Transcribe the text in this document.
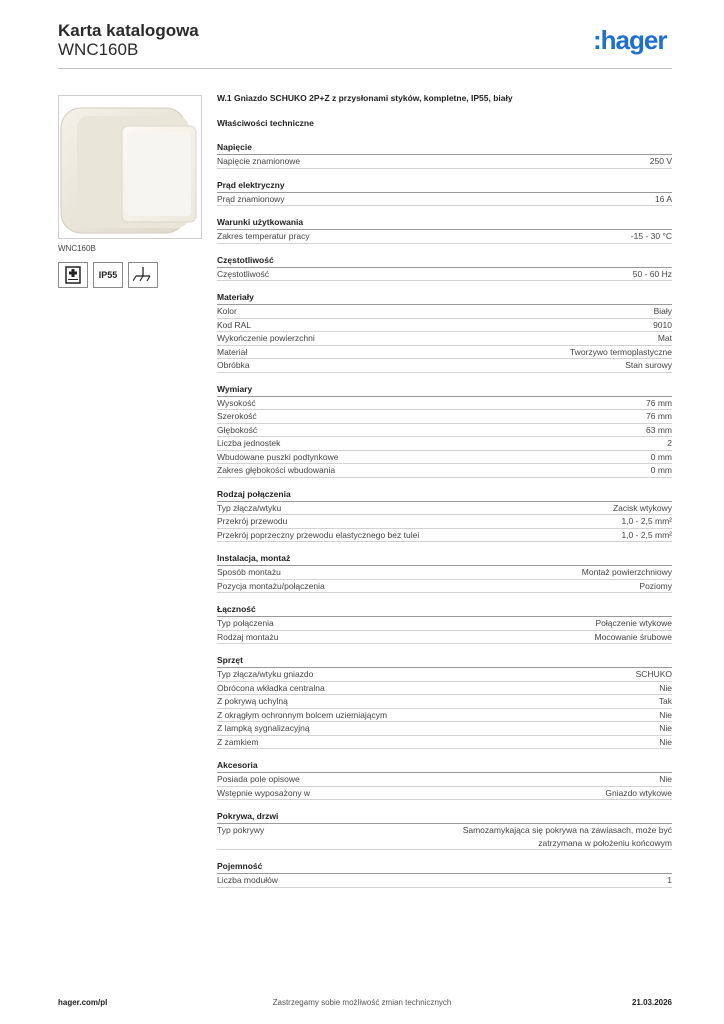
Karta katalogowa
WNC160B	:hager
WNC160B
IP55
W.1 Gniazdo SCHUKO 2P+Z z przysłonami styków, kompletne, IP55, biały
Właściwości techniczne
Napięcie
Napięcie znamionowe	250 V
Prąd elektryczny
Prąd znamionowy	16 A
Warunki użytkowania
Zakres temperatur pracy	-15 - 30 °C
Częstotliwość
Częstotliwość	50 - 60 Hz
Materiały
Kolor	Biały
Kod RAL	9010
Wykończenie powierzchni	Mat
Materiał	Tworzywo termoplastyczne
Obróbka	Stan surowy
Wymiary
Wysokość	76 mm
Szerokość	76 mm
Głębokość	63 mm
Liczba jednostek	2
Wbudowane puszki podtynkowe	0 mm
Zakres głębokości wbudowania	0 mm
Rodzaj połączenia
Typ złącza/wtyku	Zacisk wtykowy
Przekrój przewodu	1,0 - 2,5 mm²
Przekrój poprzeczny przewodu elastycznego bez tulei	1,0 - 2,5 mm²
Instalacja, montaż
Sposób montażu	Montaż powierzchniowy
Pozycja montażu/połączenia	Poziomy
Łączność
Typ połączenia	Połączenie wtykowe
Rodzaj montażu	Mocowanie śrubowe
Sprzęt
Typ złącza/wtyku gniazdo	SCHUKO
Obrócona wkładka centralna	Nie
Z pokrywą uchylną	Tak
Z okrągłym ochronnym bolcem uziemiającym	Nie
Z lampką sygnalizacyjną	Nie
Z zamkiem	Nie
Akcesoria
Posiada pole opisowe	Nie
Wstępnie wyposażony w	Gniazdo wtykowe
Pokrywa, drzwi
Typ pokrywy	Samozamykająca się pokrywa na zawiasach, może być zatrzymana w położeniu końcowym
Pojemność
Liczba modułów	1
hager.com/pl	Zastrzegamy sobie możliwość zmian technicznych	21.03.2026
